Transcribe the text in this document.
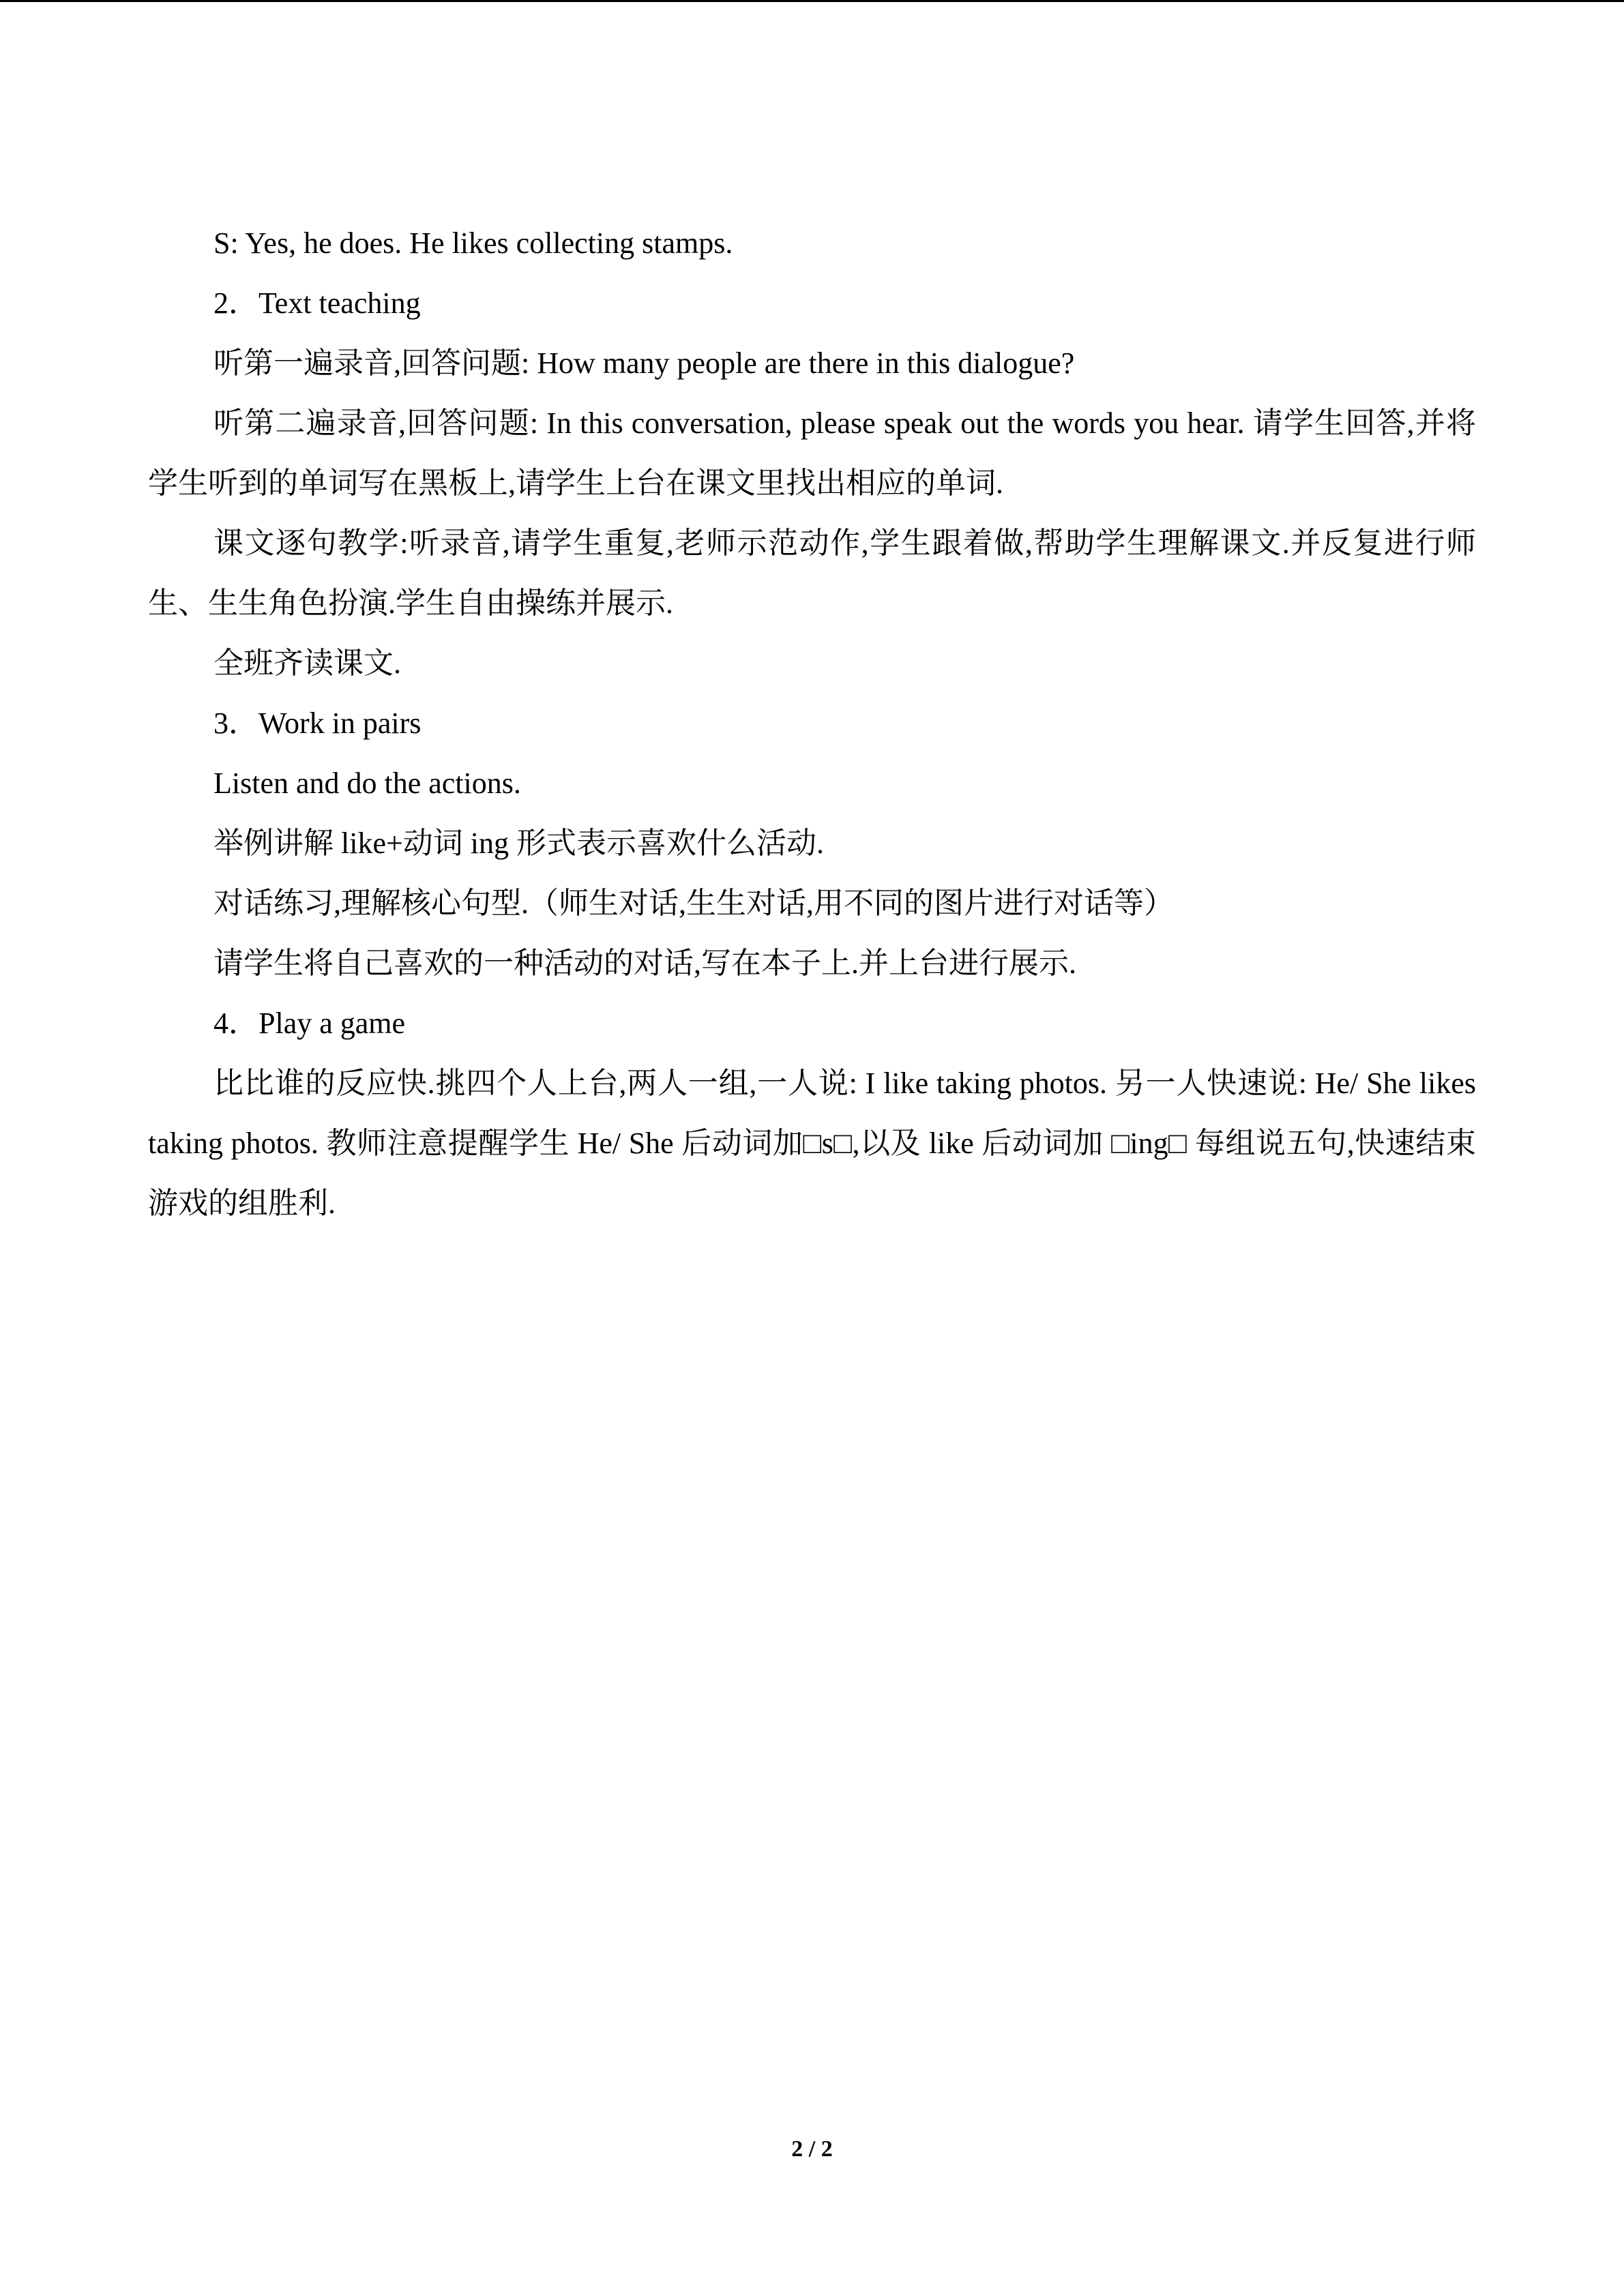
S: Yes, he does. He likes collecting stamps.

2．Text teaching

听第一遍录音,回答问题: How many people are there in this dialogue?

听第二遍录音,回答问题: In this conversation, please speak out the words you hear. 请学生回答,并将学生听到的单词写在黑板上,请学生上台在课文里找出相应的单词.

课文逐句教学:听录音,请学生重复,老师示范动作,学生跟着做,帮助学生理解课文.并反复进行师生、生生角色扮演.学生自由操练并展示.

全班齐读课文.

3．Work in pairs

Listen and do the actions.

举例讲解 like+动词 ing 形式表示喜欢什么活动.

对话练习,理解核心句型.（师生对话,生生对话,用不同的图片进行对话等）

请学生将自己喜欢的一种活动的对话,写在本子上.并上台进行展示.

4．Play a game

比比谁的反应快.挑四个人上台,两人一组,一人说: I like taking photos. 另一人快速说: He/ She likes taking photos. 教师注意提醒学生 He/ She 后动词加□s□,以及 like 后动词加 □ing□ 每组说五句,快速结束游戏的组胜利.

2 / 2
